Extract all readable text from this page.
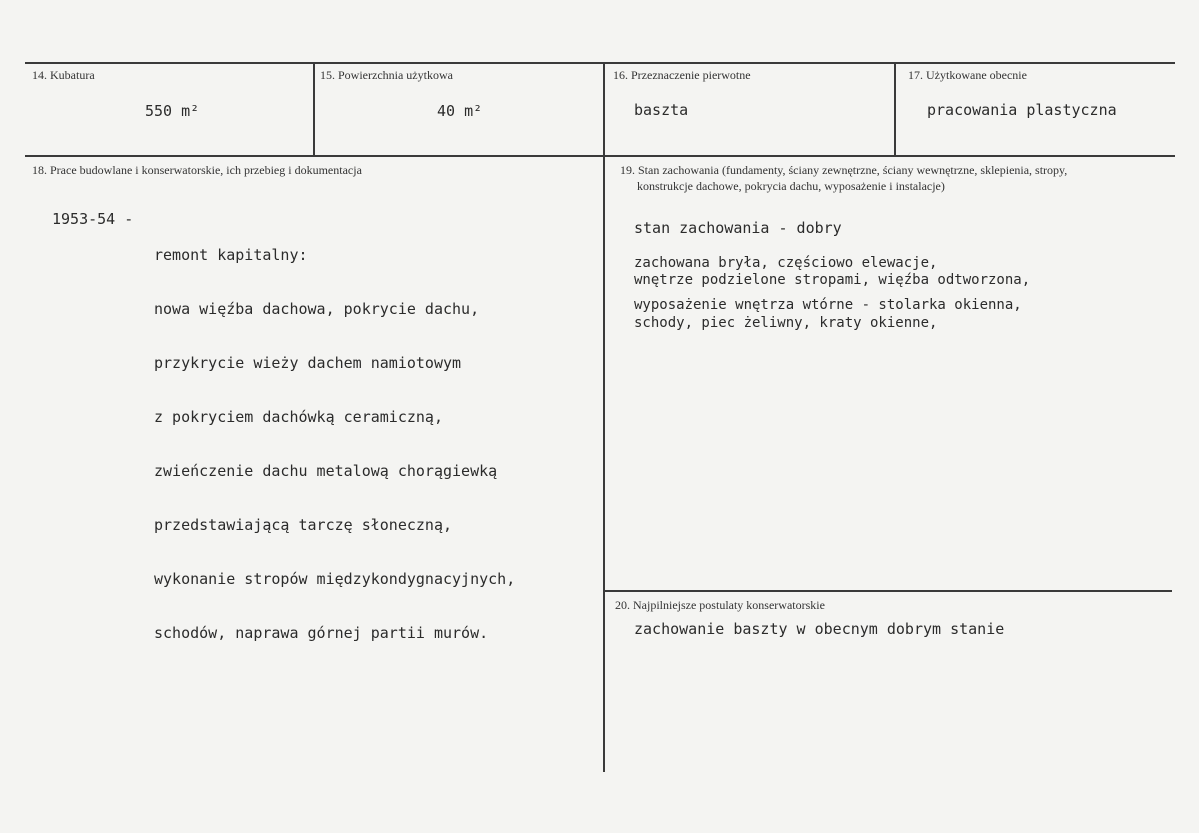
14. Kubatura
550 m²
15. Powierzchnia użytkowa
40 m²
16. Przeznaczenie pierwotne
baszta
17. Użytkowane obecnie
pracowania plastyczna
18. Prace budowlane i konserwatorskie, ich przebieg i dokumentacja
1953-54 -

remont kapitalny:

nowa więźba dachowa, pokrycie dachu,

przykrycie wieży dachem namiotowym

z pokryciem dachówką ceramiczną,

zwieńczenie dachu metalową chorągiewką

przedstawiającą tarczę słoneczną,

wykonanie stropów międzykondygnacyjnych,

schodów, naprawa górnej partii murów.

19. Stan zachowania (fundamenty, ściany zewnętrzne, ściany wewnętrzne, sklepienia, stropy,
konstrukcje dachowe, pokrycia dachu, wyposażenie i instalacje)
stan zachowania - dobry
zachowana bryła, częściowo elewacje,
wnętrze podzielone stropami, więźba odtworzona,
wyposażenie wnętrza wtórne - stolarka okienna,
schody, piec żeliwny, kraty okienne,
20. Najpilniejsze postulaty konserwatorskie
zachowanie baszty w obecnym dobrym stanie
